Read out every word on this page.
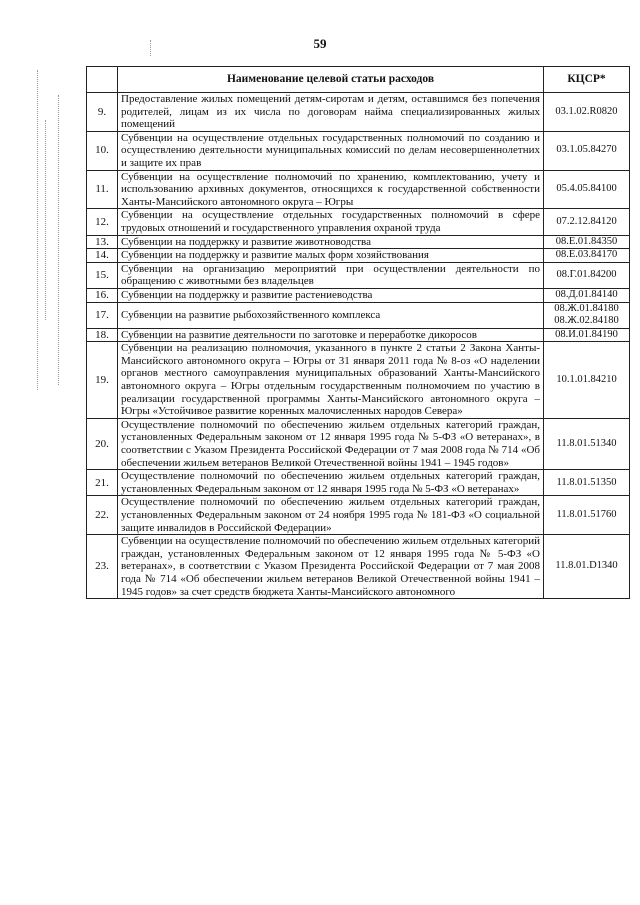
59
	Наименование целевой статьи расходов	КЦСР*
9.	Предоставление жилых помещений детям-сиротам и детям, оставшимся без попечения родителей, лицам из их числа по договорам найма специализированных жилых помещений	03.1.02.R0820

10.	Субвенции на осуществление отдельных государственных полномочий по созданию и осуществлению деятельности муниципальных комиссий по делам несовершеннолетних и защите их прав	03.1.05.84270

11.	Субвенции на осуществление полномочий по хранению, комплектованию, учету и использованию архивных документов, относящихся к государственной собственности Ханты-Мансийского автономного округа – Югры	05.4.05.84100

12.	Субвенции на осуществление отдельных государственных полномочий в сфере трудовых отношений и государственного управления охраной труда	07.2.12.84120

13.	Субвенции на поддержку и развитие животноводства	08.Е.01.84350

14.	Субвенции на поддержку и развитие малых форм хозяйствования	08.Е.03.84170

15.	Субвенции на организацию мероприятий при осуществлении деятельности по обращению с животными без владельцев	08.Г.01.84200

16.	Субвенции на поддержку и развитие растениеводства	08.Д.01.84140

17.	Субвенции на развитие рыбохозяйственного комплекса	08.Ж.01.84180
08.Ж.02.84180

18.	Субвенции на развитие деятельности по заготовке и переработке дикоросов	08.И.01.84190

19.	Субвенции на реализацию полномочия, указанного в пункте 2 статьи 2 Закона Ханты-Мансийского автономного округа – Югры от 31 января 2011 года № 8-оз «О наделении органов местного самоуправления муниципальных образований Ханты-Мансийского автономного округа – Югры отдельным государственным полномочием по участию в реализации государственной программы Ханты-Мансийского автономного округа – Югры «Устойчивое развитие коренных малочисленных народов Севера»	10.1.01.84210

20.	Осуществление полномочий по обеспечению жильем отдельных категорий граждан, установленных Федеральным законом от 12 января 1995 года № 5-ФЗ «О ветеранах», в соответствии с Указом Президента Российской Федерации от 7 мая 2008 года № 714 «Об обеспечении жильем ветеранов Великой Отечественной войны 1941 – 1945 годов»	11.8.01.51340

21.	Осуществление полномочий по обеспечению жильем отдельных категорий граждан, установленных Федеральным законом от 12 января 1995 года № 5-ФЗ «О ветеранах»	11.8.01.51350

22.	Осуществление полномочий по обеспечению жильем отдельных категорий граждан, установленных Федеральным законом от 24 ноября 1995 года № 181-ФЗ «О социальной защите инвалидов в Российской Федерации»	11.8.01.51760

23.	Субвенции на осуществление полномочий по обеспечению жильем отдельных категорий граждан, установленных Федеральным законом от 12 января 1995 года № 5-ФЗ «О ветеранах», в соответствии с Указом Президента Российской Федерации от 7 мая 2008 года № 714 «Об обеспечении жильем ветеранов Великой Отечественной войны 1941 – 1945 годов» за счет средств бюджета Ханты-Мансийского автономного	11.8.01.D1340
